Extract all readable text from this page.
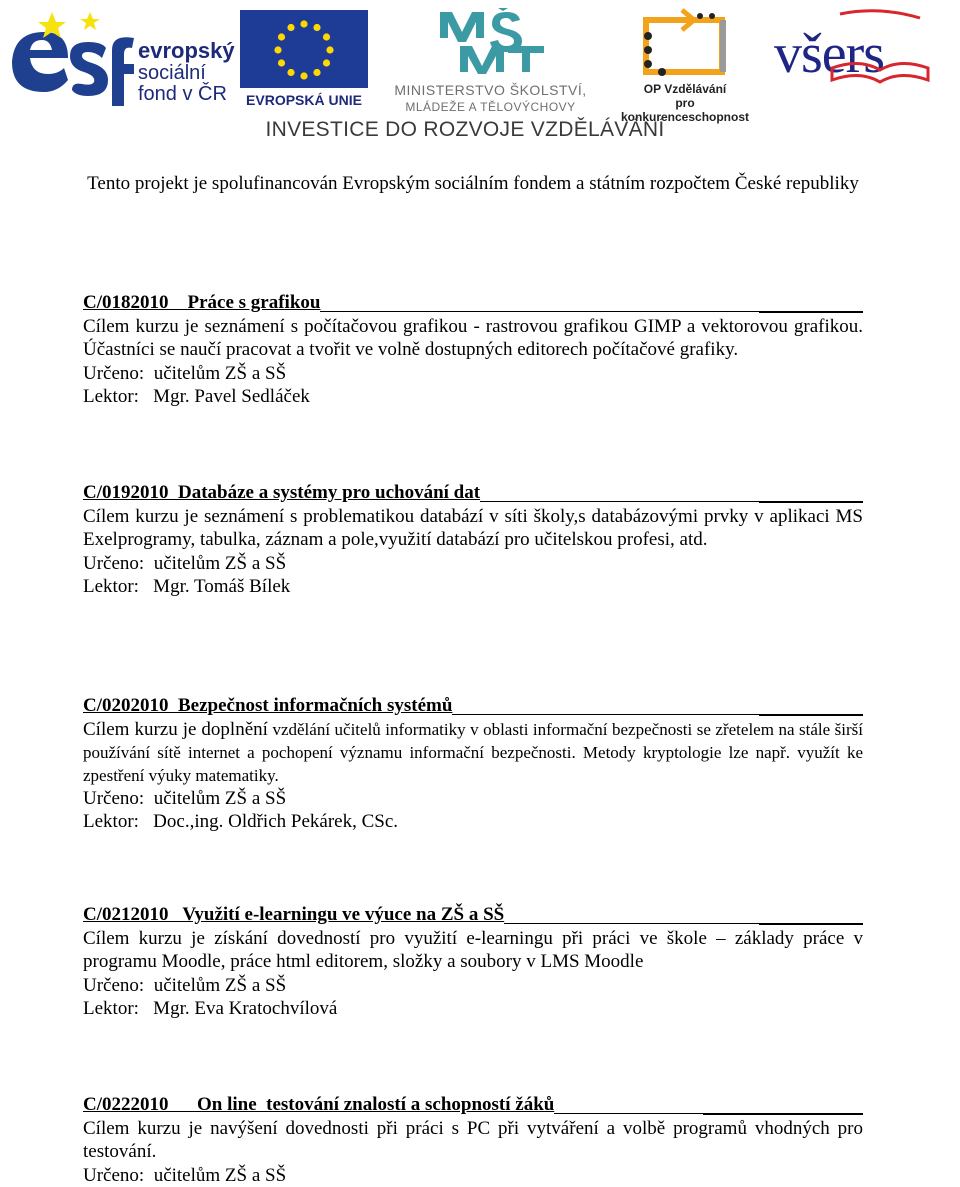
evropský
sociální
fond v ČR	EVROPSKÁ UNIE
MINISTERSTVO ŠKOLSTVÍ,
MLÁDEŽE A TĚLOVÝCHOVY
OP Vzdělávání
pro konkurenceschopnost
všers
INVESTICE DO ROZVOJE VZDĚLÁVÁNÍ
Tento projekt je spolufinancován Evropským sociálním fondem a státním rozpočtem České republiky
C/0182010    Práce s grafikou
Cílem kurzu je seznámení s počítačovou grafikou - rastrovou grafikou GIMP a vektorovou grafikou. Účastníci se naučí pracovat a tvořit ve volně dostupných editorech počítačové grafiky.
Určeno:  učitelům ZŠ a SŠ
Lektor:   Mgr. Pavel Sedláček
C/0192010  Databáze a systémy pro uchování dat
Cílem kurzu je seznámení s problematikou databází v síti školy,s databázovými prvky v aplikaci MS Exelprogramy, tabulka, záznam a pole,využití databází pro učitelskou profesi, atd.
Určeno:  učitelům ZŠ a SŠ
Lektor:   Mgr. Tomáš Bílek
C/0202010  Bezpečnost informačních systémů
Cílem kurzu je doplnění vzdělání učitelů informatiky v oblasti informační bezpečnosti se zřetelem na stále širší používání sítě internet a pochopení významu informační bezpečnosti. Metody kryptologie lze např. využít ke zpestření výuky matematiky.
Určeno:  učitelům ZŠ a SŠ
Lektor:   Doc.,ing. Oldřich Pekárek, CSc.
C/0212010   Využití e-learningu ve výuce na ZŠ a SŠ
Cílem kurzu je získání dovedností pro využití e-learningu při práci ve škole – základy práce v programu Moodle, práce html editorem, složky a soubory v LMS Moodle
Určeno:  učitelům ZŠ a SŠ
Lektor:   Mgr. Eva Kratochvílová
C/0222010      On line  testování znalostí a schopností žáků
Cílem kurzu je navýšení dovednosti při práci s PC při vytváření a volbě programů vhodných pro testování.
Určeno:  učitelům ZŠ a SŠ
